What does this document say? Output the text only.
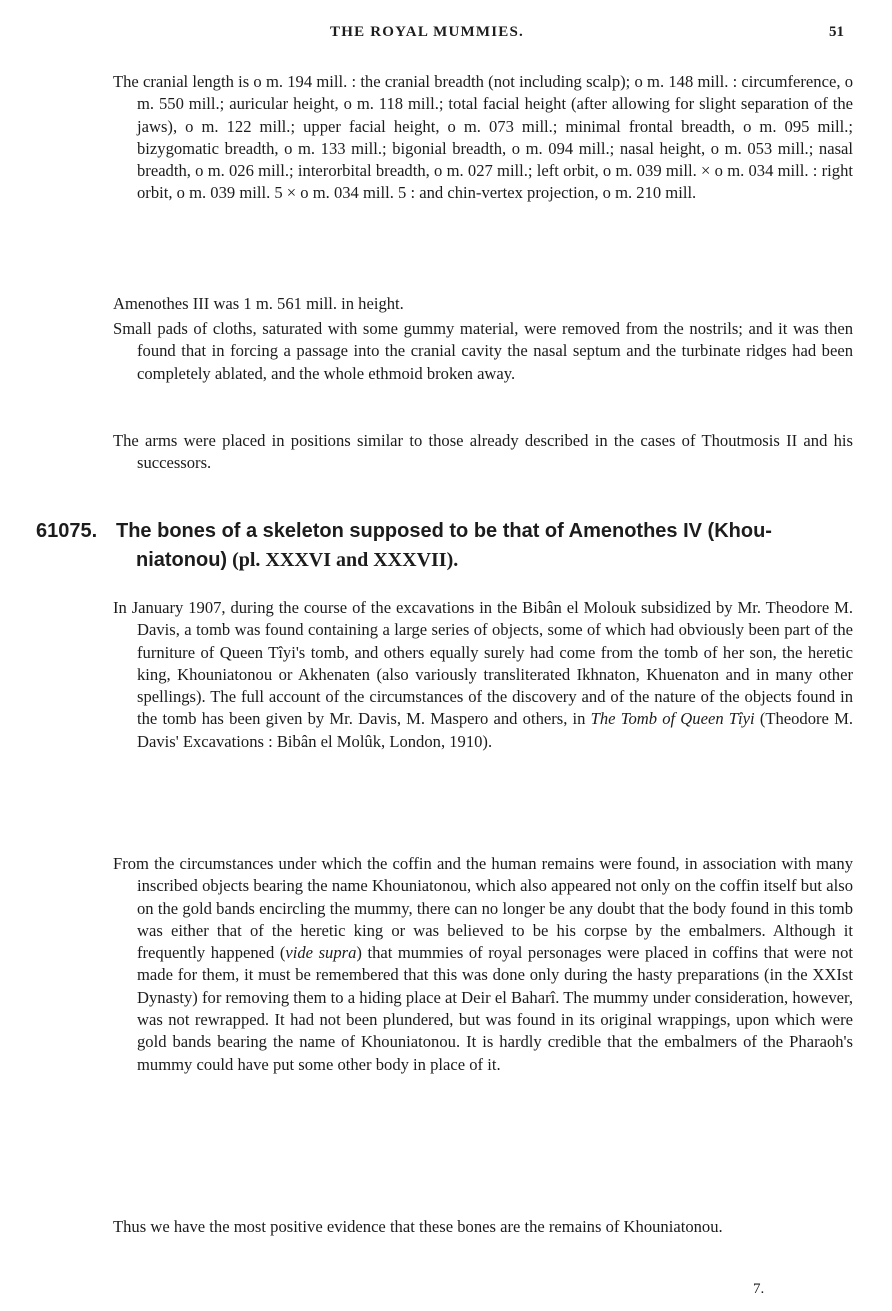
THE ROYAL MUMMIES.	51

The cranial length is o m. 194 mill. : the cranial breadth (not including scalp); o m. 148 mill. : circumference, o m. 550 mill.; auricular height, o m. 118 mill.; total facial height (after allowing for slight separation of the jaws), o m. 122 mill.; upper facial height, o m. 073 mill.; minimal frontal breadth, o m. 095 mill.; bizygomatic breadth, o m. 133 mill.; bigonial breadth, o m. 094 mill.; nasal height, o m. 053 mill.; nasal breadth, o m. 026 mill.; interorbital breadth, o m. 027 mill.; left orbit, o m. 039 mill. × o m. 034 mill. : right orbit, o m. 039 mill. 5 × o m. 034 mill. 5 : and chin-vertex projection, o m. 210 mill.

Amenothes III was 1 m. 561 mill. in height.

Small pads of cloths, saturated with some gummy material, were removed from the nostrils; and it was then found that in forcing a passage into the cranial cavity the nasal septum and the turbinate ridges had been completely ablated, and the whole ethmoid broken away.

The arms were placed in positions similar to those already described in the cases of Thoutmosis II and his successors.

61075. The bones of a skeleton supposed to be that of Amenothes IV (Khou-
niatonou) (pl. XXXVI and XXXVII).

In January 1907, during the course of the excavations in the Bibân el Molouk subsidized by Mr. Theodore M. Davis, a tomb was found containing a large series of objects, some of which had obviously been part of the furniture of Queen Tîyi's tomb, and others equally surely had come from the tomb of her son, the heretic king, Khouniatonou or Akhenaten (also variously transliterated Ikhnaton, Khuenaton and in many other spellings). The full account of the circumstances of the discovery and of the nature of the objects found in the tomb has been given by Mr. Davis, M. Maspero and others, in The Tomb of Queen Tîyi (Theodore M. Davis' Excavations : Bibân el Molûk, London, 1910).

From the circumstances under which the coffin and the human remains were found, in association with many inscribed objects bearing the name Khouniatonou, which also appeared not only on the coffin itself but also on the gold bands encircling the mummy, there can no longer be any doubt that the body found in this tomb was either that of the heretic king or was believed to be his corpse by the embalmers. Although it frequently happened (vide supra) that mummies of royal personages were placed in coffins that were not made for them, it must be remembered that this was done only during the hasty preparations (in the XXIst Dynasty) for removing them to a hiding place at Deir el Baharî. The mummy under consideration, however, was not rewrapped. It had not been plundered, but was found in its original wrappings, upon which were gold bands bearing the name of Khouniatonou. It is hardly credible that the embalmers of the Pharaoh's mummy could have put some other body in place of it.

Thus we have the most positive evidence that these bones are the remains of Khouniatonou.

7.
